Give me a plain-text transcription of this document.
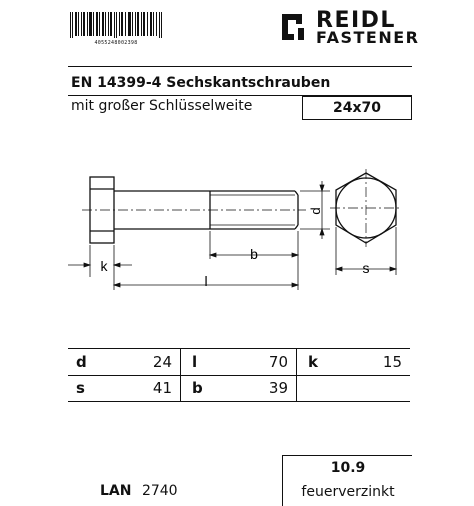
4055248002398
REIDL
FASTENER
EN 14399-4 Sechskantschrauben
mit großer Schlüsselweite	24x70
k
b
l
d
s
d	24 l	70 k	15
s	41 b	39
LAN 2740
10.9
feuerverzinkt
